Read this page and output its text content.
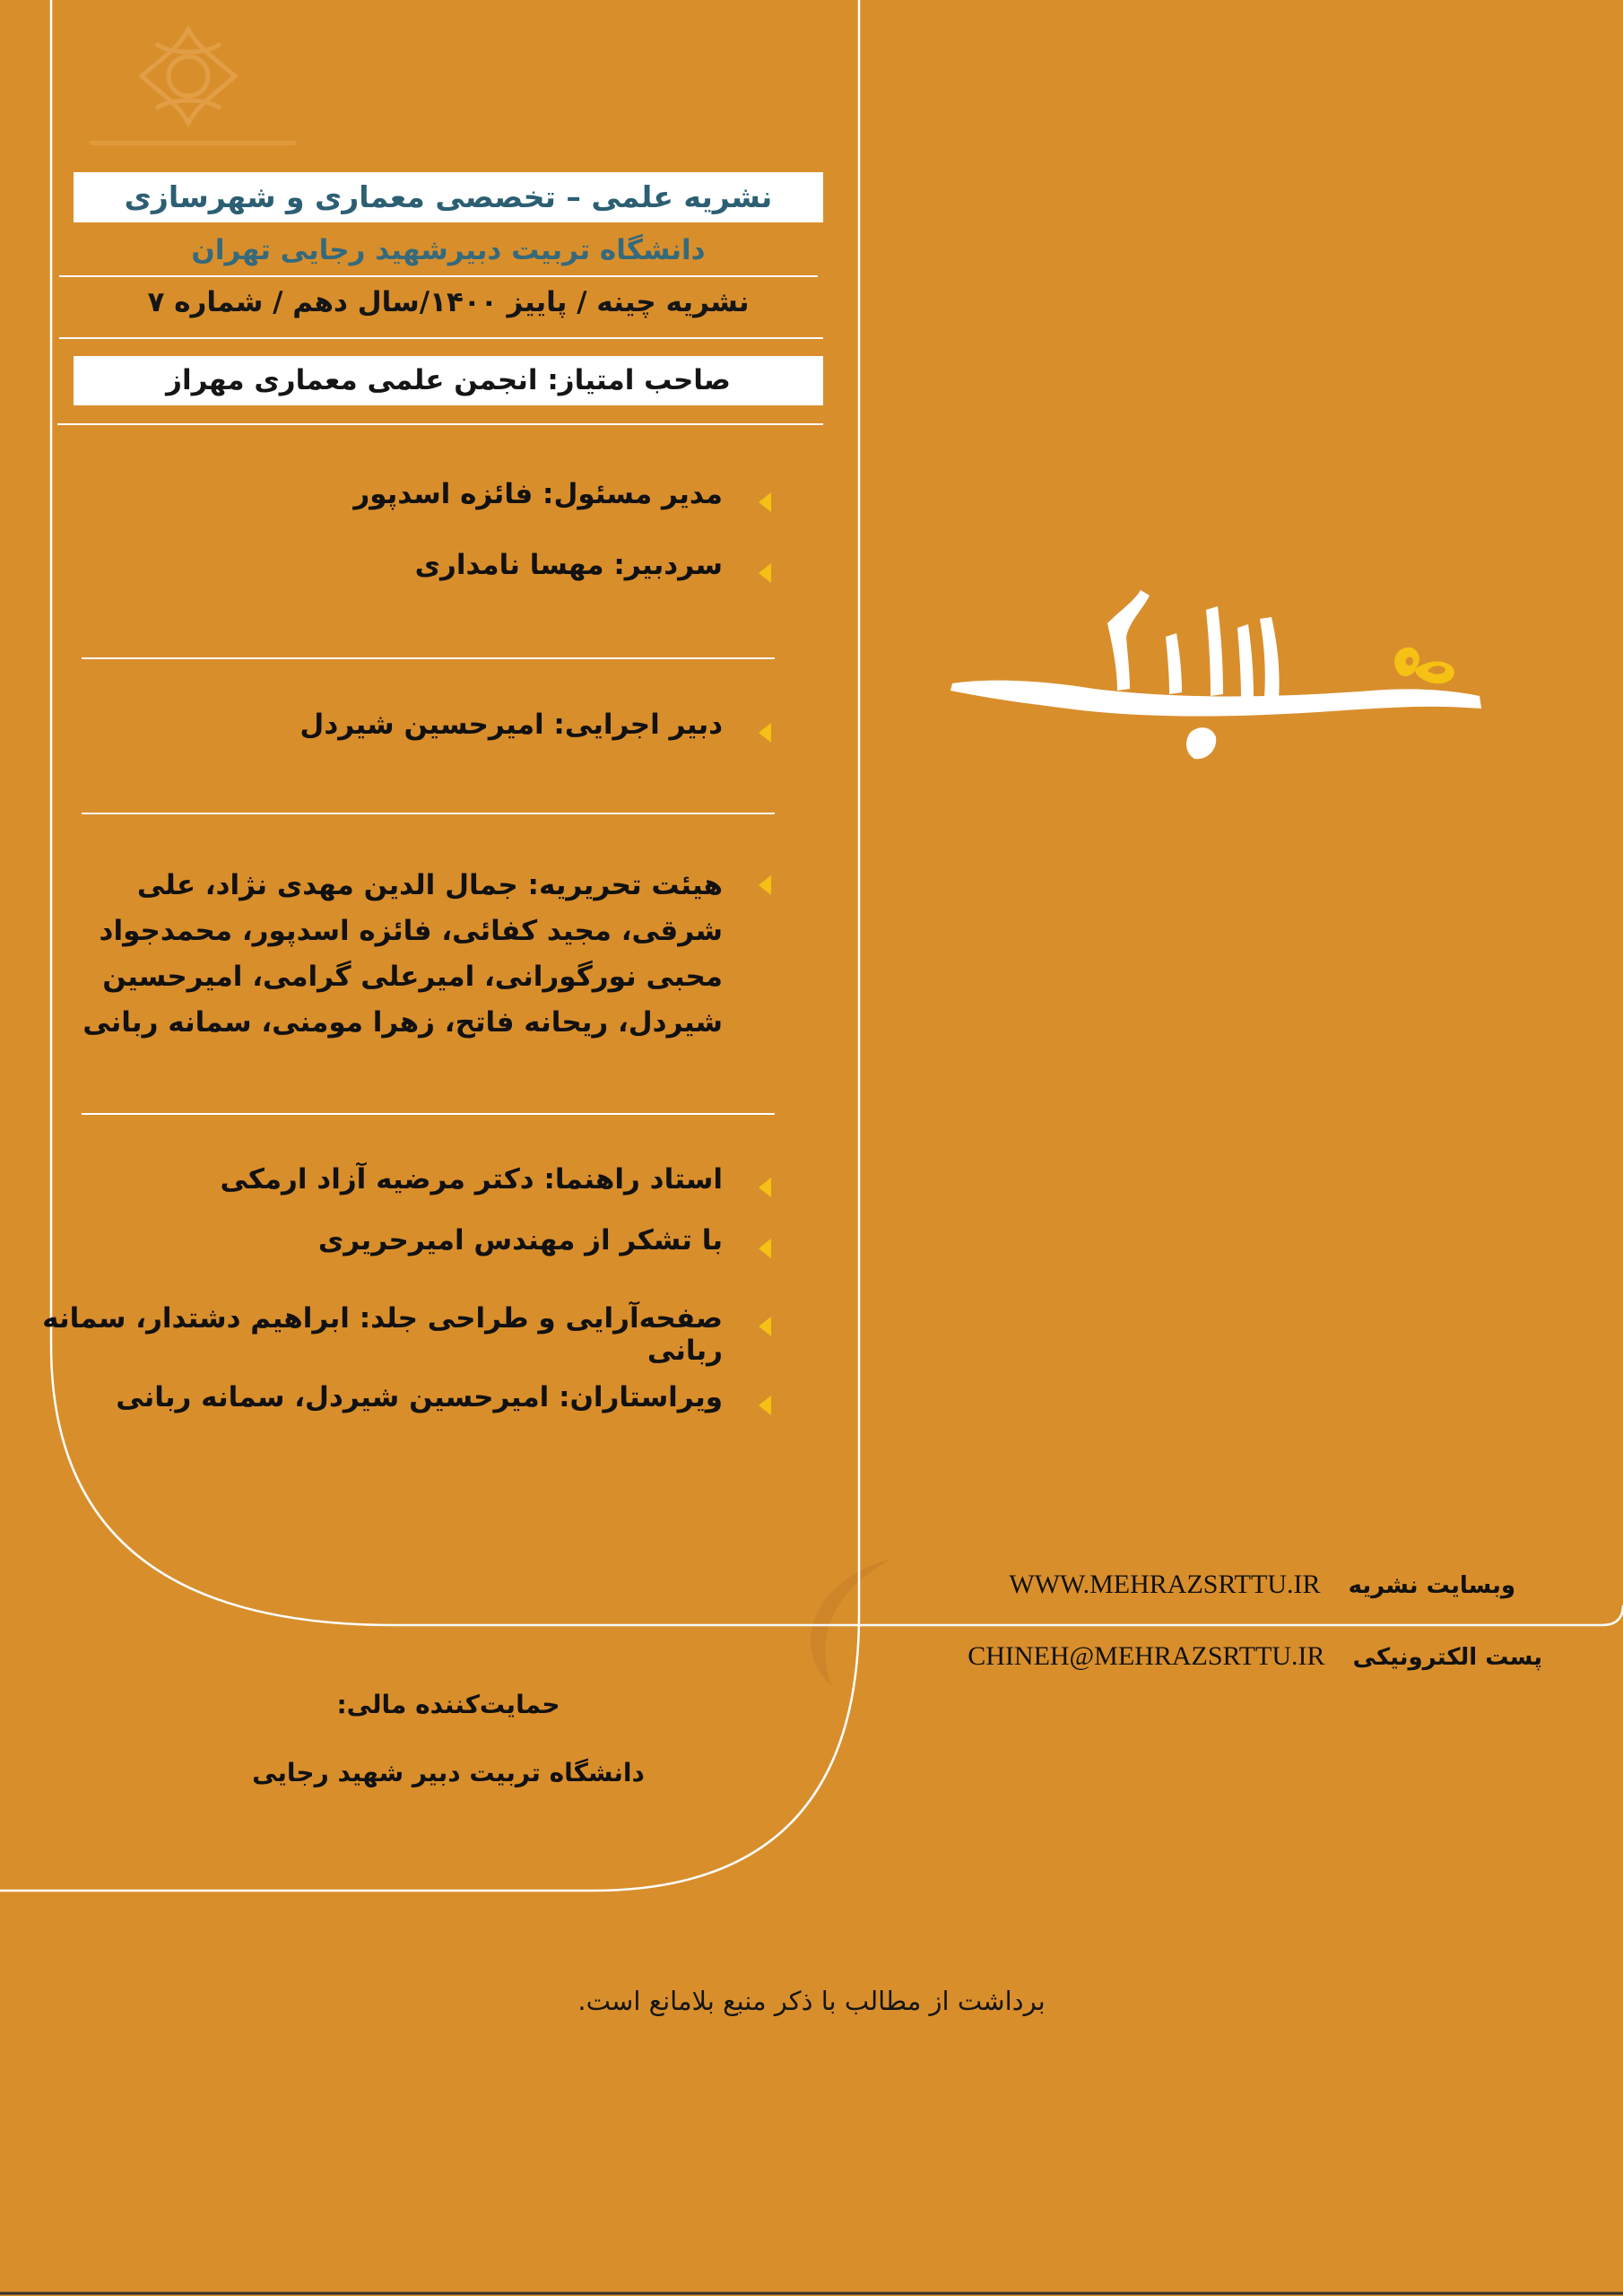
نشریه علمی – تخصصی معماری و شهرسازی
دانشگاه تربیت دبیرشهید رجایی تهران
نشریه چینه / پاییز ۱۴۰۰/سال دهم / شماره ۷
صاحب امتیاز: انجمن علمی معماری مهراز
مدیر مسئول: فائزه اسدپور
سردبیر: مهسا نامداری
دبیر اجرایی: امیرحسین شیردل
هیئت تحریریه: جمال الدین مهدی نژاد، علی شرقی، مجید کفائی، فائزه اسدپور، محمدجواد محبی نورگورانی، امیرعلی گرامی، امیرحسین شیردل، ریحانه فاتح، زهرا مومنی، سمانه ربانی
استاد راهنما: دکتر مرضیه آزاد ارمکی
با تشکر از مهندس امیرحریری
صفحه‌آرایی و طراحی جلد: ابراهیم دشتدار، سمانه ربانی
ویراستاران: امیرحسین شیردل، سمانه ربانی
حمایت‌کننده مالی:
دانشگاه تربیت دبیر شهید رجایی
وبسایت نشریه WWW.MEHRAZSRTTU.IR
پست الکترونیکی CHINEH@MEHRAZSRTTU.IR
برداشت از مطالب با ذکر منبع بلامانع است.
